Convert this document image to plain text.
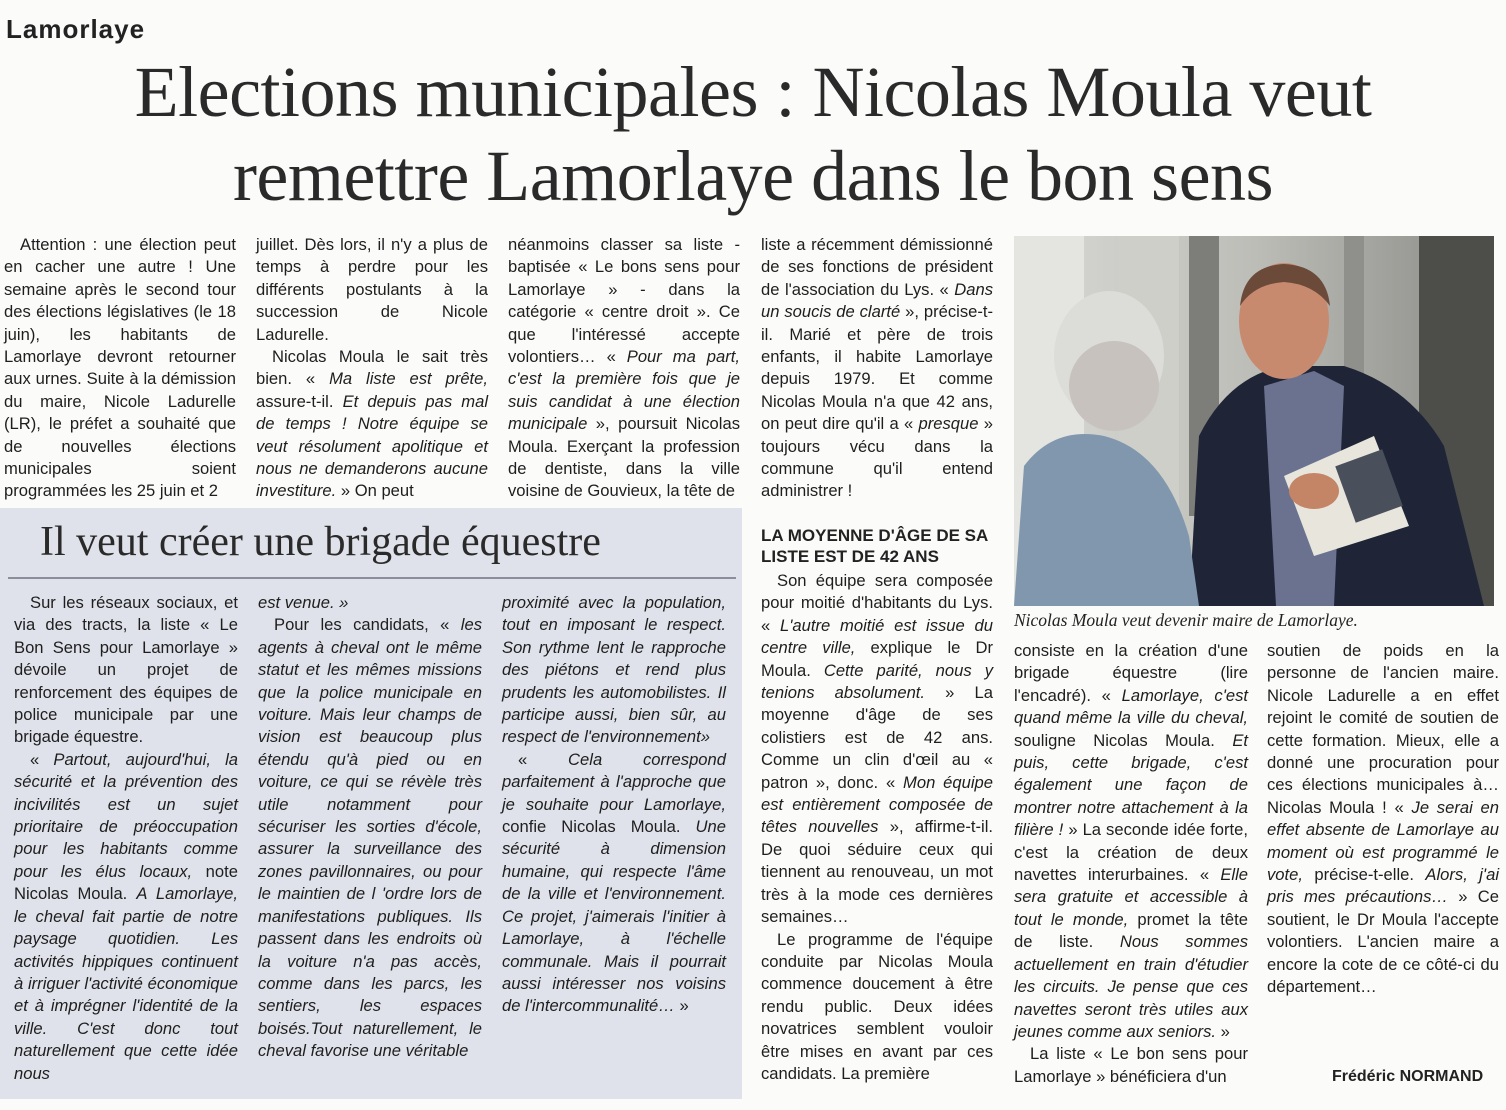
Lamorlaye
Elections municipales : Nicolas Moula veut
remettre Lamorlaye dans le bon sens

Attention : une élection peut en cacher une autre ! Une semaine après le second tour des élections législatives (le 18 juin), les habitants de Lamorlaye devront retourner aux urnes. Suite à la démission du maire, Nicole Ladurelle (LR), le préfet a souhaité que de nouvelles élections municipales soient programmées les 25 juin et 2

juillet. Dès lors, il n'y a plus de temps à perdre pour les différents postulants à la succession de Nicole Ladurelle.

Nicolas Moula le sait très bien. « Ma liste est prête, assure-t-il. Et depuis pas mal de temps ! Notre équipe se veut résolument apolitique et nous ne demanderons aucune investiture. » On peut

néanmoins classer sa liste - baptisée « Le bons sens pour Lamorlaye » - dans la catégorie « centre droit ». Ce que l'intéressé accepte volontiers… « Pour ma part, c'est la première fois que je suis candidat à une élection municipale », poursuit Nicolas Moula. Exerçant la profession de dentiste, dans la ville voisine de Gouvieux, la tête de

liste a récemment démissionné de ses fonctions de président de l'association du Lys. « Dans un soucis de clarté », précise-t-il. Marié et père de trois enfants, il habite Lamorlaye depuis 1979. Et comme Nicolas Moula n'a que 42 ans, on peut dire qu'il a « presque » toujours vécu dans la commune qu'il entend administrer !

Nicolas Moula veut devenir maire de Lamorlaye.
Il veut créer une brigade équestre

Sur les réseaux sociaux, et via des tracts, la liste « Le Bon Sens pour Lamorlaye » dévoile un projet de renforcement des équipes de police municipale par une brigade équestre.

« Partout, aujourd'hui, la sécurité et la prévention des incivilités est un sujet prioritaire de préoccupation pour les habitants comme pour les élus locaux, note Nicolas Moula. A Lamorlaye, le cheval fait partie de notre paysage quotidien. Les activités hippiques continuent à irriguer l'activité économique et à imprégner l'identité de la ville. C'est donc tout naturellement que cette idée nous

est venue. »

Pour les candidats, « les agents à cheval ont le même statut et les mêmes missions que la police municipale en voiture. Mais leur champs de vision est beaucoup plus étendu qu'à pied ou en voiture, ce qui se révèle très utile notamment pour sécuriser les sorties d'école, assurer la surveillance des zones pavillonnaires, ou pour le maintien de l 'ordre lors de manifestations publiques. Ils passent dans les endroits où la voiture n'a pas accès, comme dans les parcs, les sentiers, les espaces boisés.Tout naturellement, le cheval favorise une véritable

proximité avec la population, tout en imposant le respect. Son rythme lent le rapproche des piétons et rend plus prudents les automobilistes. Il participe aussi, bien sûr, au respect de l'environnement»

« Cela correspond parfaitement à l'approche que je souhaite pour Lamorlaye, confie Nicolas Moula. Une sécurité à dimension humaine, qui respecte l'âme de la ville et l'environnement. Ce projet, j'aimerais l'initier à Lamorlaye, à l'échelle communale. Mais il pourrait aussi intéresser nos voisins de l'intercommunalité… »

LA MOYENNE D'ÂGE DE SA LISTE EST DE 42 ANS

Son équipe sera composée pour moitié d'habitants du Lys. « L'autre moitié est issue du centre ville, explique le Dr Moula. Cette parité, nous y tenions absolument. » La moyenne d'âge de ses colistiers est de 42 ans. Comme un clin d'œil au « patron », donc. « Mon équipe est entièrement composée de têtes nouvelles », affirme-t-il. De quoi séduire ceux qui tiennent au renouveau, un mot très à la mode ces dernières semaines…

Le programme de l'équipe conduite par Nicolas Moula commence doucement à être rendu public. Deux idées novatrices semblent vouloir être mises en avant par ces candidats. La première

consiste en la création d'une brigade équestre (lire l'encadré). « Lamorlaye, c'est quand même la ville du cheval, souligne Nicolas Moula. Et puis, cette brigade, c'est également une façon de montrer notre attachement à la filière ! » La seconde idée forte, c'est la création de deux navettes interurbaines. « Elle sera gratuite et accessible à tout le monde, promet la tête de liste. Nous sommes actuellement en train d'étudier les circuits. Je pense que ces navettes seront très utiles aux jeunes comme aux seniors. »

La liste « Le bon sens pour Lamorlaye » bénéficiera d'un

soutien de poids en la personne de l'ancien maire. Nicole Ladurelle a en effet rejoint le comité de soutien de cette formation. Mieux, elle a donné une procuration pour ces élections municipales à… Nicolas Moula ! « Je serai en effet absente de Lamorlaye au moment où est programmé le vote, précise-t-elle. Alors, j'ai pris mes précautions… » Ce soutient, le Dr Moula l'accepte volontiers. L'ancien maire a encore la cote de ce côté-ci du département…

Frédéric NORMAND
